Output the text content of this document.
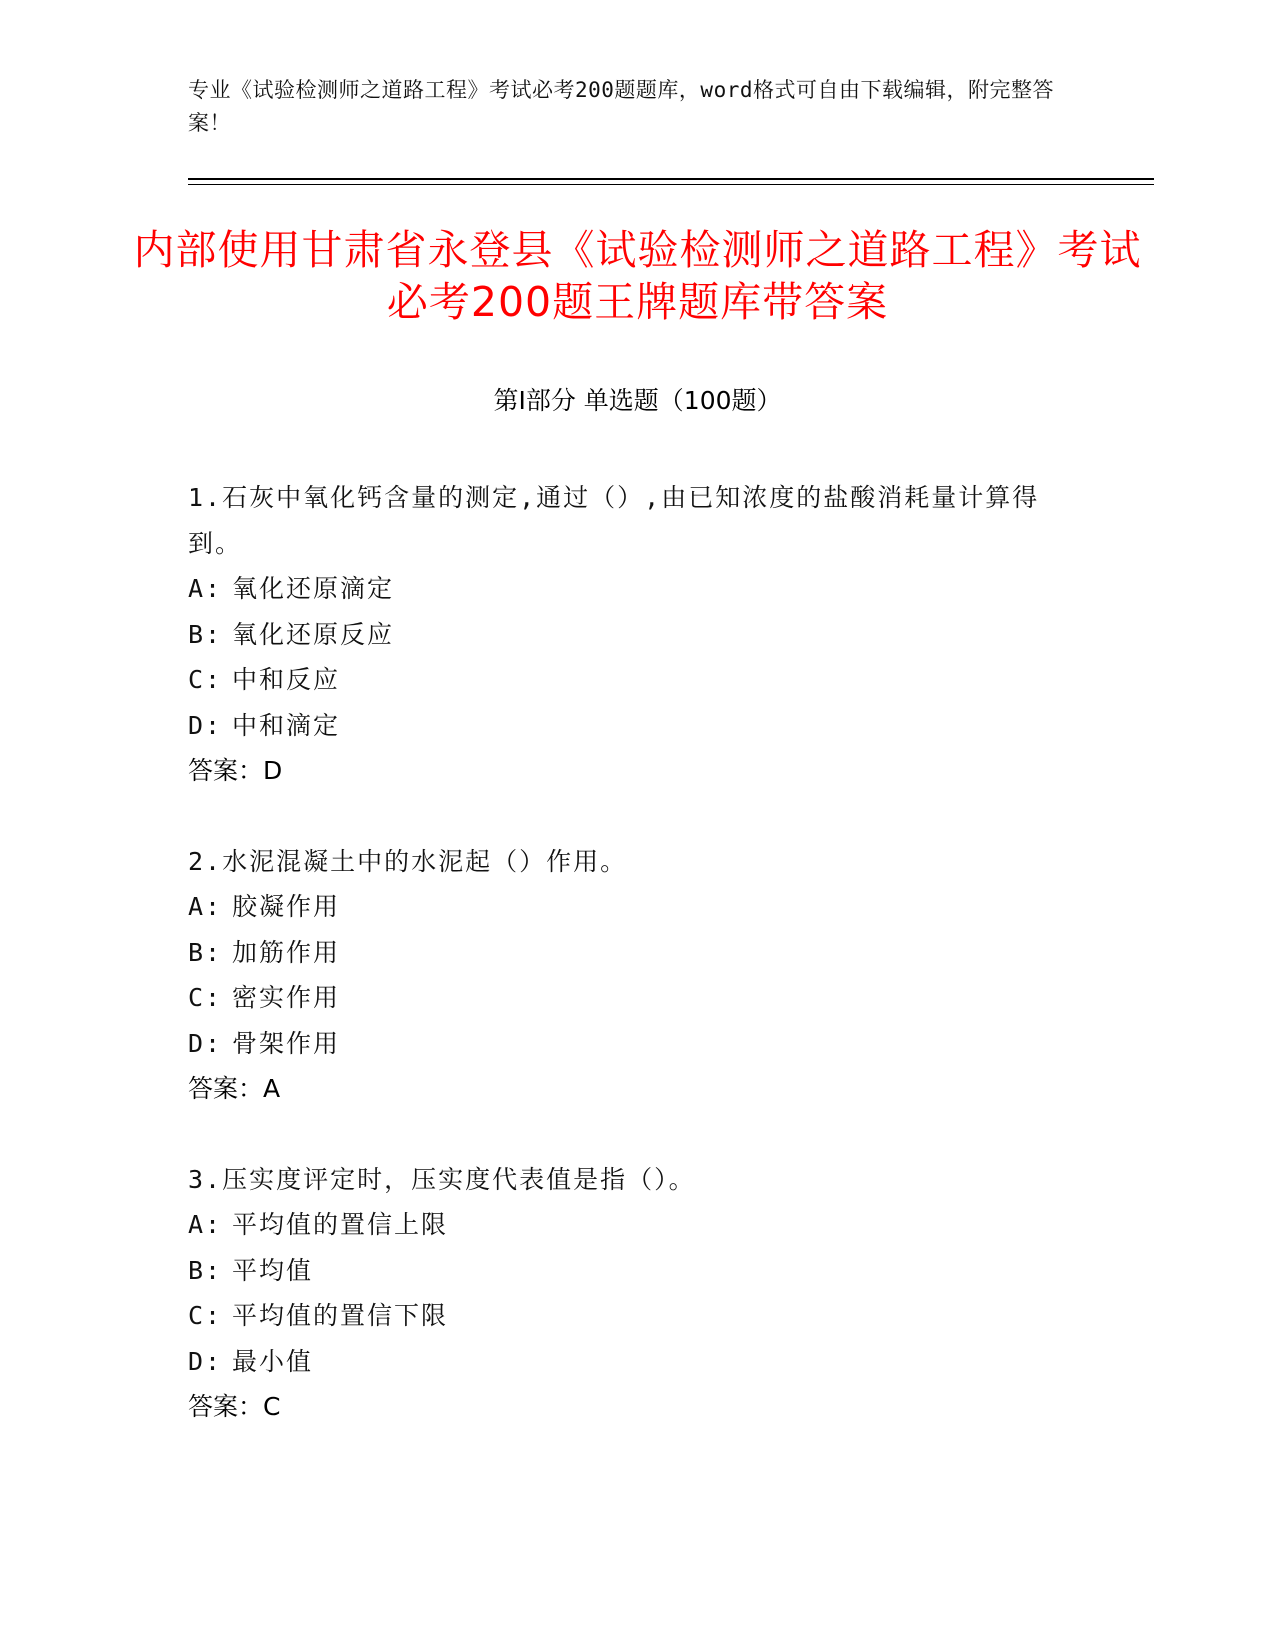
专业《试验检测师之道路工程》考试必考200题题库，word格式可自由下载编辑，附完整答案！
内部使用甘肃省永登县《试验检测师之道路工程》考试必考200题王牌题库带答案
第I部分 单选题（100题）
1.石灰中氧化钙含量的测定,通过（）,由已知浓度的盐酸消耗量计算得到。
A: 氧化还原滴定
B: 氧化还原反应
C: 中和反应
D: 中和滴定
答案：D
2.水泥混凝土中的水泥起（）作用。
A: 胶凝作用
B: 加筋作用
C: 密实作用
D: 骨架作用
答案：A
3.压实度评定时，压实度代表值是指（）。
A: 平均值的置信上限
B: 平均值
C: 平均值的置信下限
D: 最小值
答案：C
